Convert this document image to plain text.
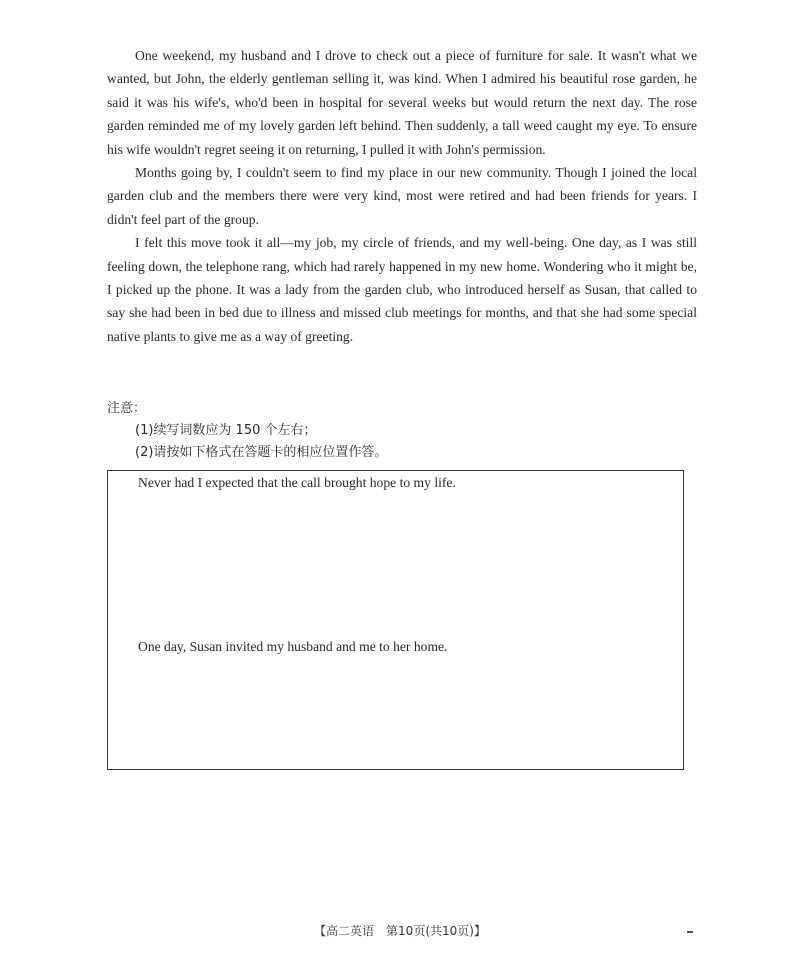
One weekend, my husband and I drove to check out a piece of furniture for sale. It wasn't what we wanted, but John, the elderly gentleman selling it, was kind. When I admired his beautiful rose garden, he said it was his wife's, who'd been in hospital for several weeks but would return the next day. The rose garden reminded me of my lovely garden left behind. Then suddenly, a tall weed caught my eye. To ensure his wife wouldn't regret seeing it on returning, I pulled it with John's permission.

Months going by, I couldn't seem to find my place in our new community. Though I joined the local garden club and the members there were very kind, most were retired and had been friends for years. I didn't feel part of the group.

I felt this move took it all—my job, my circle of friends, and my well-being. One day, as I was still feeling down, the telephone rang, which had rarely happened in my new home. Wondering who it might be, I picked up the phone. It was a lady from the garden club, who introduced herself as Susan, that called to say she had been in bed due to illness and missed club meetings for months, and that she had some special native plants to give me as a way of greeting.

注意：
(1)续写词数应为 150 个左右；
(2)请按如下格式在答题卡的相应位置作答。
Never had I expected that the call brought hope to my life.
One day, Susan invited my husband and me to her home.
【高二英语　第10页(共10页)】
